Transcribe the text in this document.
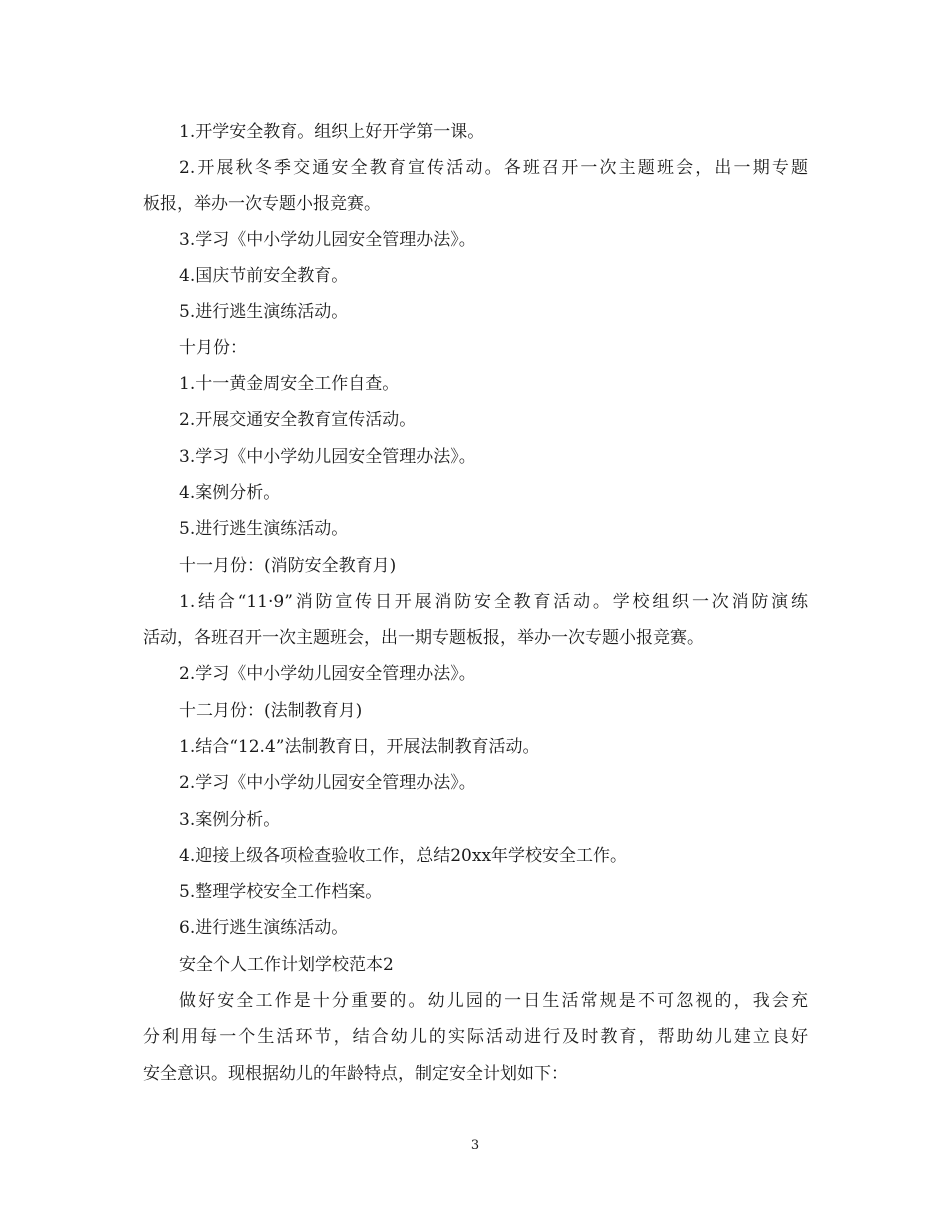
1.开学安全教育。组织上好开学第一课。
2.开展秋冬季交通安全教育宣传活动。各班召开一次主题班会，出一期专题
板报，举办一次专题小报竞赛。
3.学习《中小学幼儿园安全管理办法》。
4.国庆节前安全教育。
5.进行逃生演练活动。
十月份：
1.十一黄金周安全工作自查。
2.开展交通安全教育宣传活动。
3.学习《中小学幼儿园安全管理办法》。
4.案例分析。
5.进行逃生演练活动。
十一月份：(消防安全教育月)
1.结合“11·9”消防宣传日开展消防安全教育活动。学校组织一次消防演练
活动，各班召开一次主题班会，出一期专题板报，举办一次专题小报竞赛。
2.学习《中小学幼儿园安全管理办法》。
十二月份：(法制教育月)
1.结合“12.4”法制教育日，开展法制教育活动。
2.学习《中小学幼儿园安全管理办法》。
3.案例分析。
4.迎接上级各项检查验收工作，总结20xx年学校安全工作。
5.整理学校安全工作档案。
6.进行逃生演练活动。
安全个人工作计划学校范本2
做好安全工作是十分重要的。幼儿园的一日生活常规是不可忽视的，我会充
分利用每一个生活环节，结合幼儿的实际活动进行及时教育，帮助幼儿建立良好
安全意识。现根据幼儿的年龄特点，制定安全计划如下：
3
